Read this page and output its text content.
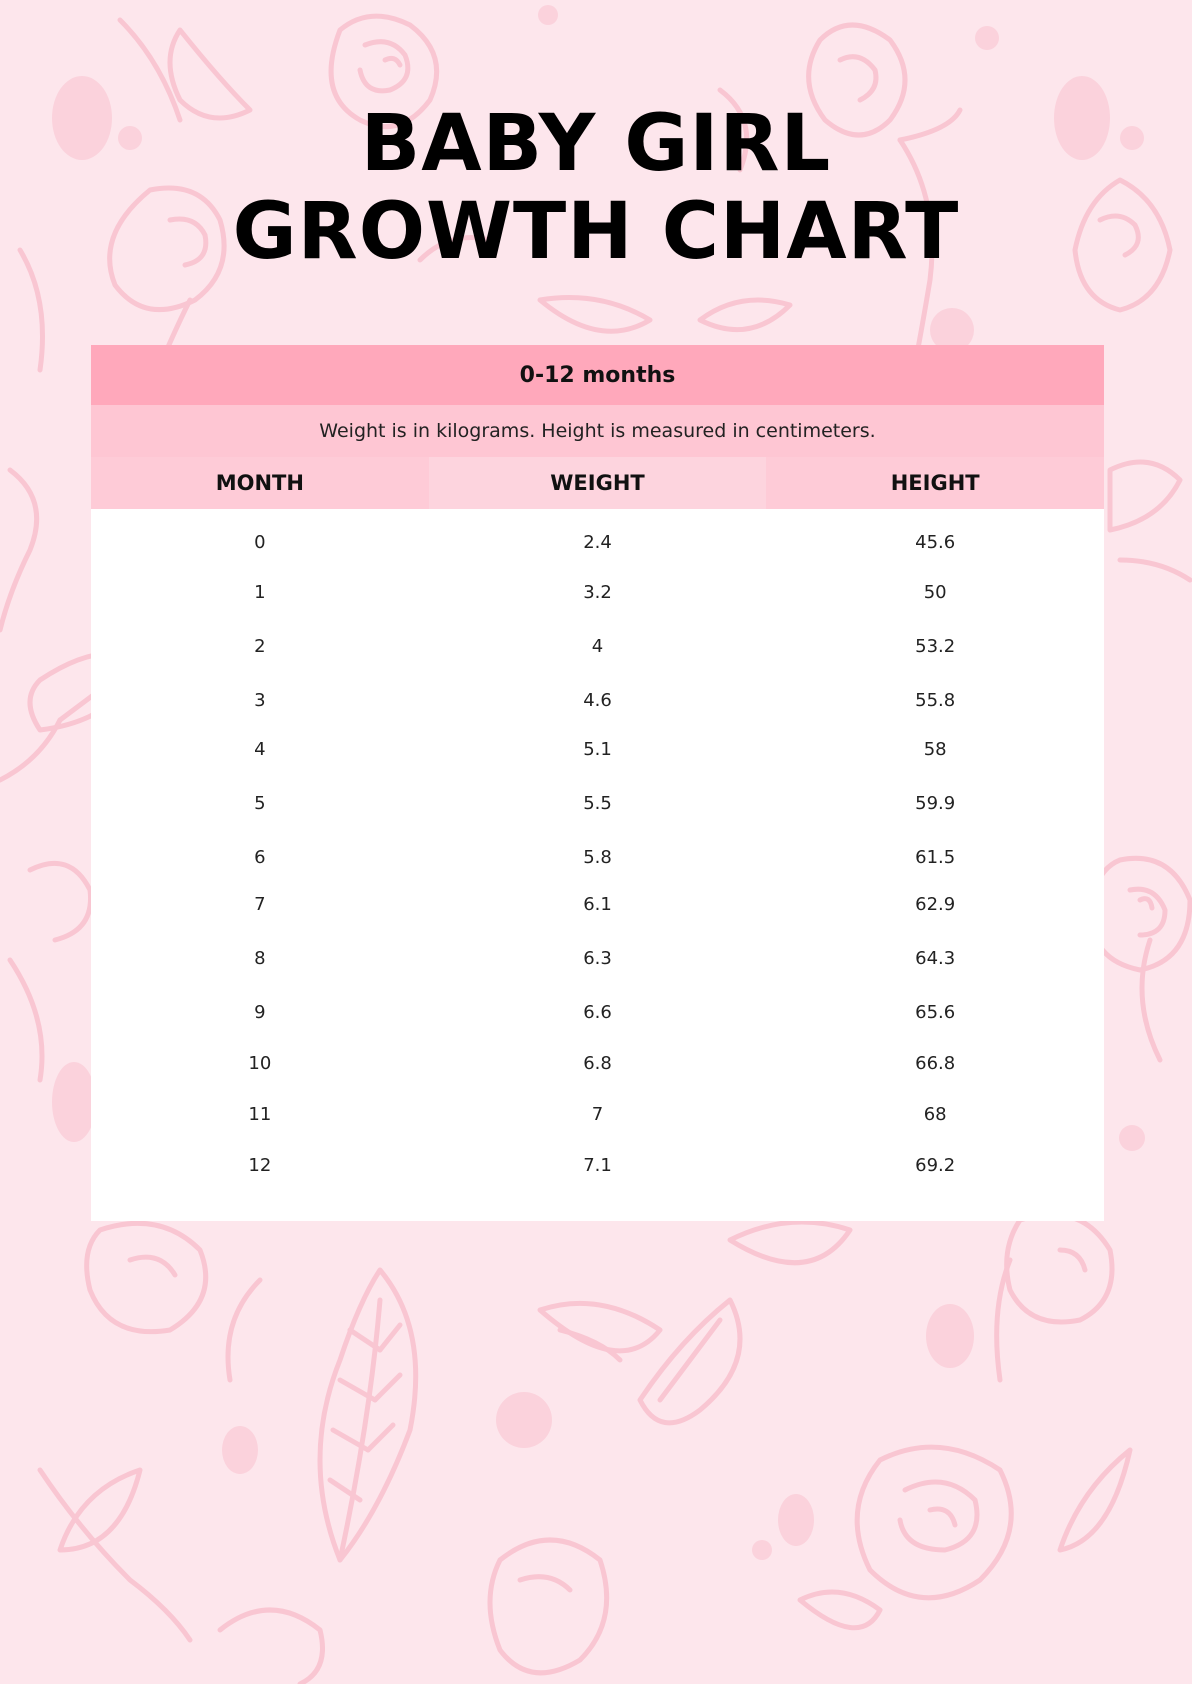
BABY GIRL
GROWTH CHART
0-12 months
Weight is in kilograms. Height is measured in centimeters.
MONTH	WEIGHT	HEIGHT
0	2.4	45.6
1	3.2	50
2	4	53.2
3	4.6	55.8
4	5.1	58
5	5.5	59.9
6	5.8	61.5
7	6.1	62.9
8	6.3	64.3
9	6.6	65.6
10	6.8	66.8
11	7	68
12	7.1	69.2
